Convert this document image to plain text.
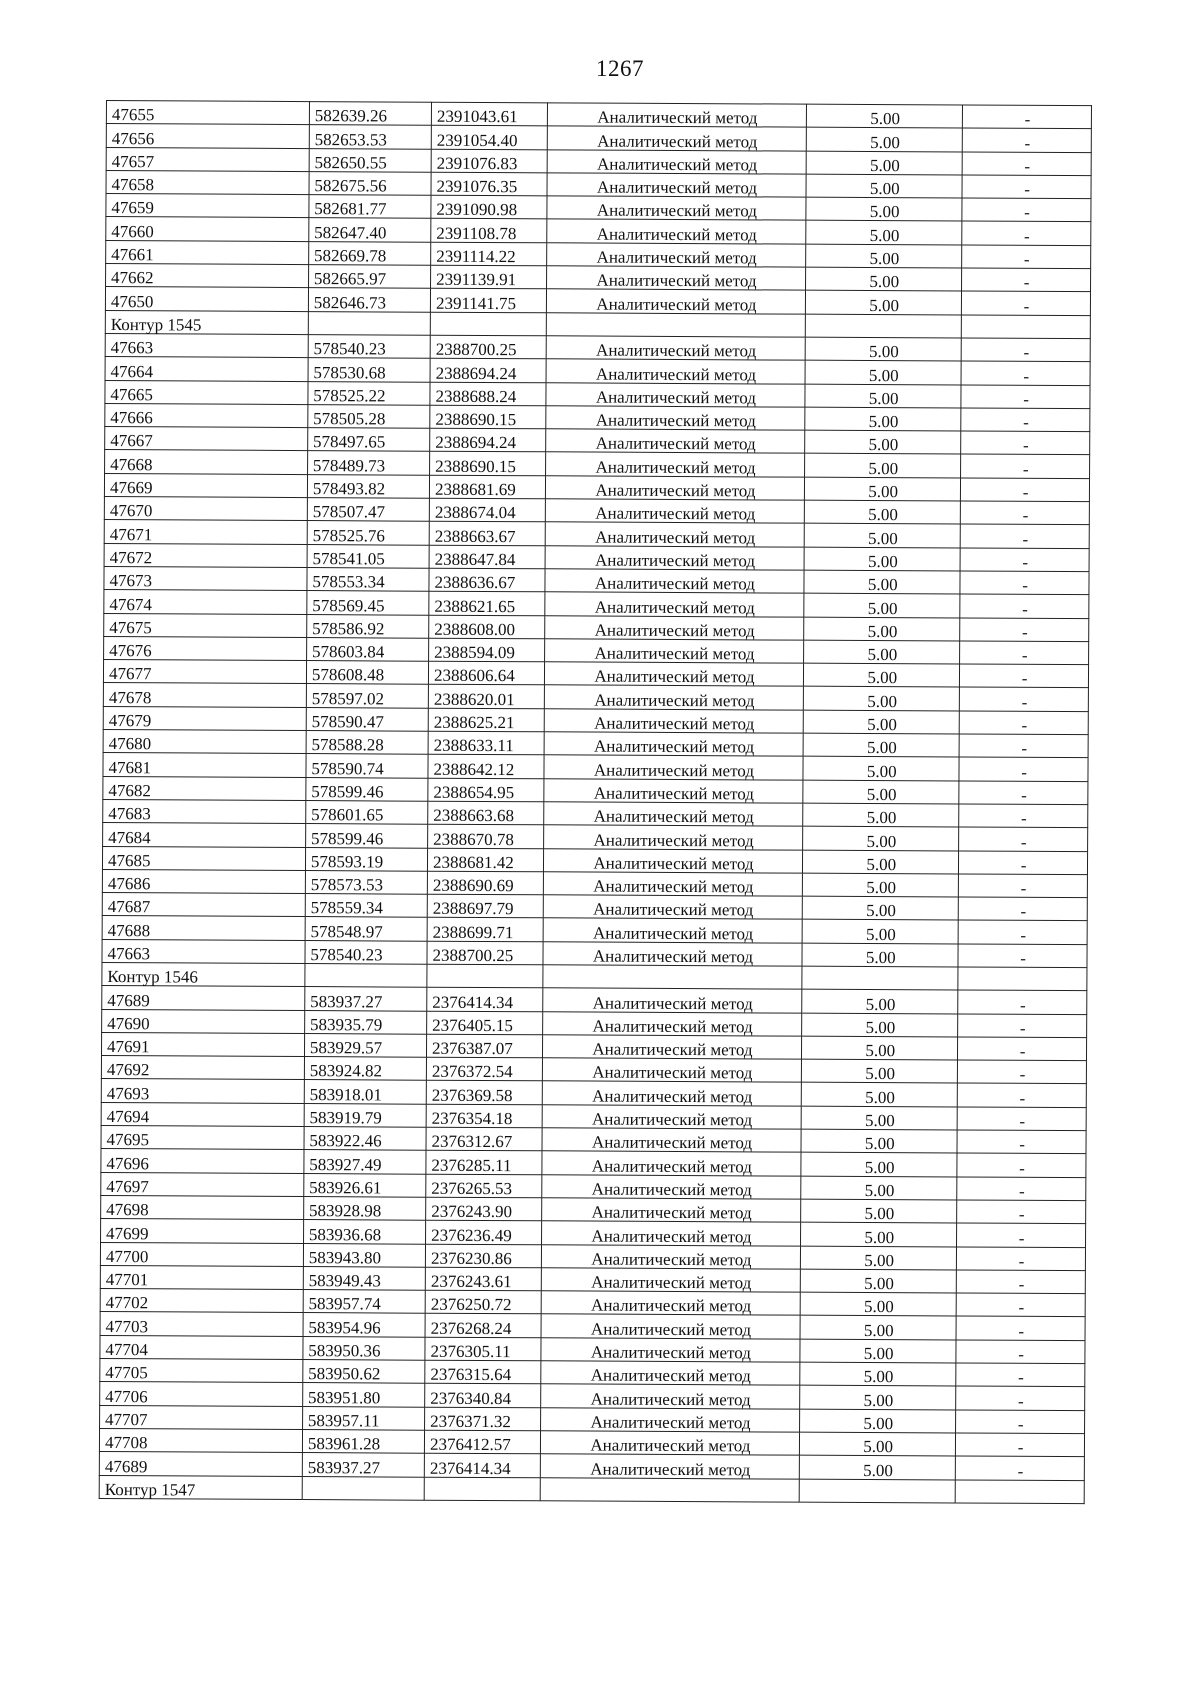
1267
47655	582639.26	2391043.61	Аналитический метод	5.00	-
47656	582653.53	2391054.40	Аналитический метод	5.00	-
47657	582650.55	2391076.83	Аналитический метод	5.00	-
47658	582675.56	2391076.35	Аналитический метод	5.00	-
47659	582681.77	2391090.98	Аналитический метод	5.00	-
47660	582647.40	2391108.78	Аналитический метод	5.00	-
47661	582669.78	2391114.22	Аналитический метод	5.00	-
47662	582665.97	2391139.91	Аналитический метод	5.00	-
47650	582646.73	2391141.75	Аналитический метод	5.00	-
Контур 1545					
47663	578540.23	2388700.25	Аналитический метод	5.00	-
47664	578530.68	2388694.24	Аналитический метод	5.00	-
47665	578525.22	2388688.24	Аналитический метод	5.00	-
47666	578505.28	2388690.15	Аналитический метод	5.00	-
47667	578497.65	2388694.24	Аналитический метод	5.00	-
47668	578489.73	2388690.15	Аналитический метод	5.00	-
47669	578493.82	2388681.69	Аналитический метод	5.00	-
47670	578507.47	2388674.04	Аналитический метод	5.00	-
47671	578525.76	2388663.67	Аналитический метод	5.00	-
47672	578541.05	2388647.84	Аналитический метод	5.00	-
47673	578553.34	2388636.67	Аналитический метод	5.00	-
47674	578569.45	2388621.65	Аналитический метод	5.00	-
47675	578586.92	2388608.00	Аналитический метод	5.00	-
47676	578603.84	2388594.09	Аналитический метод	5.00	-
47677	578608.48	2388606.64	Аналитический метод	5.00	-
47678	578597.02	2388620.01	Аналитический метод	5.00	-
47679	578590.47	2388625.21	Аналитический метод	5.00	-
47680	578588.28	2388633.11	Аналитический метод	5.00	-
47681	578590.74	2388642.12	Аналитический метод	5.00	-
47682	578599.46	2388654.95	Аналитический метод	5.00	-
47683	578601.65	2388663.68	Аналитический метод	5.00	-
47684	578599.46	2388670.78	Аналитический метод	5.00	-
47685	578593.19	2388681.42	Аналитический метод	5.00	-
47686	578573.53	2388690.69	Аналитический метод	5.00	-
47687	578559.34	2388697.79	Аналитический метод	5.00	-
47688	578548.97	2388699.71	Аналитический метод	5.00	-
47663	578540.23	2388700.25	Аналитический метод	5.00	-
Контур 1546					
47689	583937.27	2376414.34	Аналитический метод	5.00	-
47690	583935.79	2376405.15	Аналитический метод	5.00	-
47691	583929.57	2376387.07	Аналитический метод	5.00	-
47692	583924.82	2376372.54	Аналитический метод	5.00	-
47693	583918.01	2376369.58	Аналитический метод	5.00	-
47694	583919.79	2376354.18	Аналитический метод	5.00	-
47695	583922.46	2376312.67	Аналитический метод	5.00	-
47696	583927.49	2376285.11	Аналитический метод	5.00	-
47697	583926.61	2376265.53	Аналитический метод	5.00	-
47698	583928.98	2376243.90	Аналитический метод	5.00	-
47699	583936.68	2376236.49	Аналитический метод	5.00	-
47700	583943.80	2376230.86	Аналитический метод	5.00	-
47701	583949.43	2376243.61	Аналитический метод	5.00	-
47702	583957.74	2376250.72	Аналитический метод	5.00	-
47703	583954.96	2376268.24	Аналитический метод	5.00	-
47704	583950.36	2376305.11	Аналитический метод	5.00	-
47705	583950.62	2376315.64	Аналитический метод	5.00	-
47706	583951.80	2376340.84	Аналитический метод	5.00	-
47707	583957.11	2376371.32	Аналитический метод	5.00	-
47708	583961.28	2376412.57	Аналитический метод	5.00	-
47689	583937.27	2376414.34	Аналитический метод	5.00	-
Контур 1547					
